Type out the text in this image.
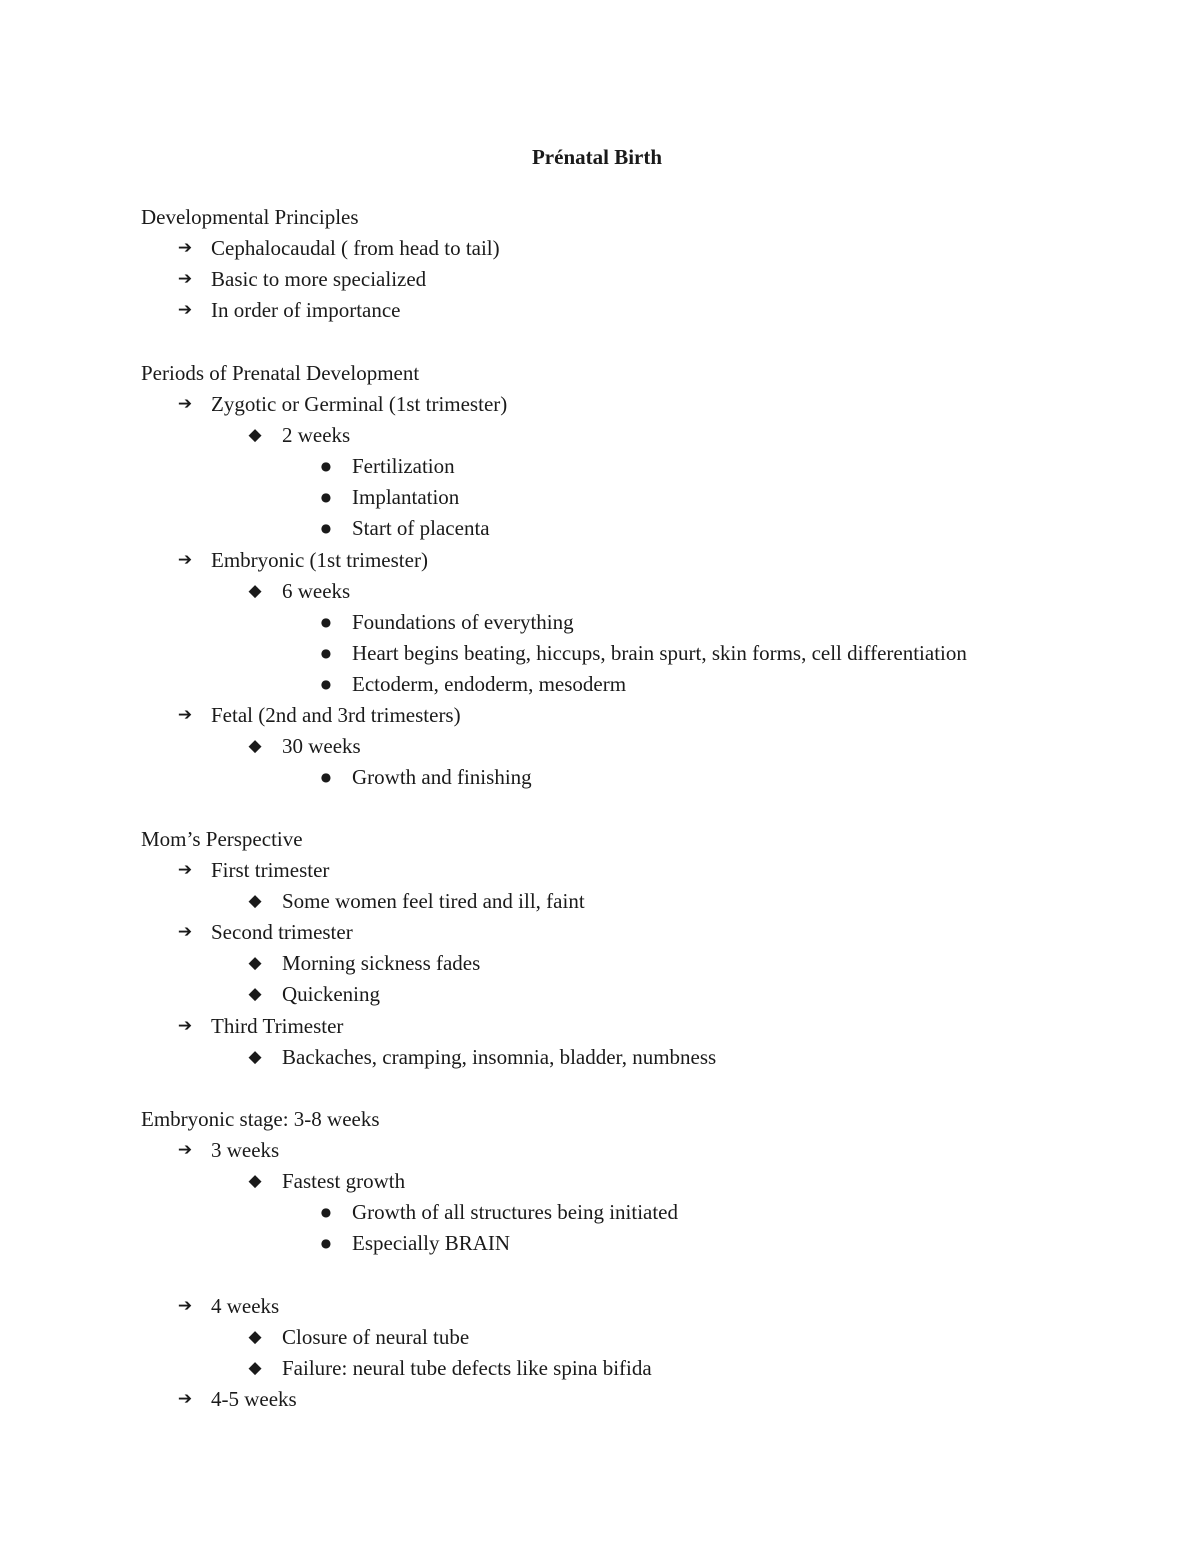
Prénatal Birth
Developmental Principles
➔ Cephalocaudal ( from head to tail)
➔ Basic to more specialized
➔ In order of importance
Periods of Prenatal Development
➔ Zygotic or Germinal (1st trimester)
◆ 2 weeks
● Fertilization
● Implantation
● Start of placenta
➔ Embryonic (1st trimester)
◆ 6 weeks
● Foundations of everything
● Heart begins beating, hiccups, brain spurt, skin forms, cell differentiation
● Ectoderm, endoderm, mesoderm
➔ Fetal (2nd and 3rd trimesters)
◆ 30 weeks
● Growth and finishing
Mom’s Perspective
➔ First trimester
◆ Some women feel tired and ill, faint
➔ Second trimester
◆ Morning sickness fades
◆ Quickening
➔ Third Trimester
◆ Backaches, cramping, insomnia, bladder, numbness
Embryonic stage: 3-8 weeks
➔ 3 weeks
◆ Fastest growth
● Growth of all structures being initiated
● Especially BRAIN
➔ 4 weeks
◆ Closure of neural tube
◆ Failure: neural tube defects like spina bifida
➔ 4-5 weeks
